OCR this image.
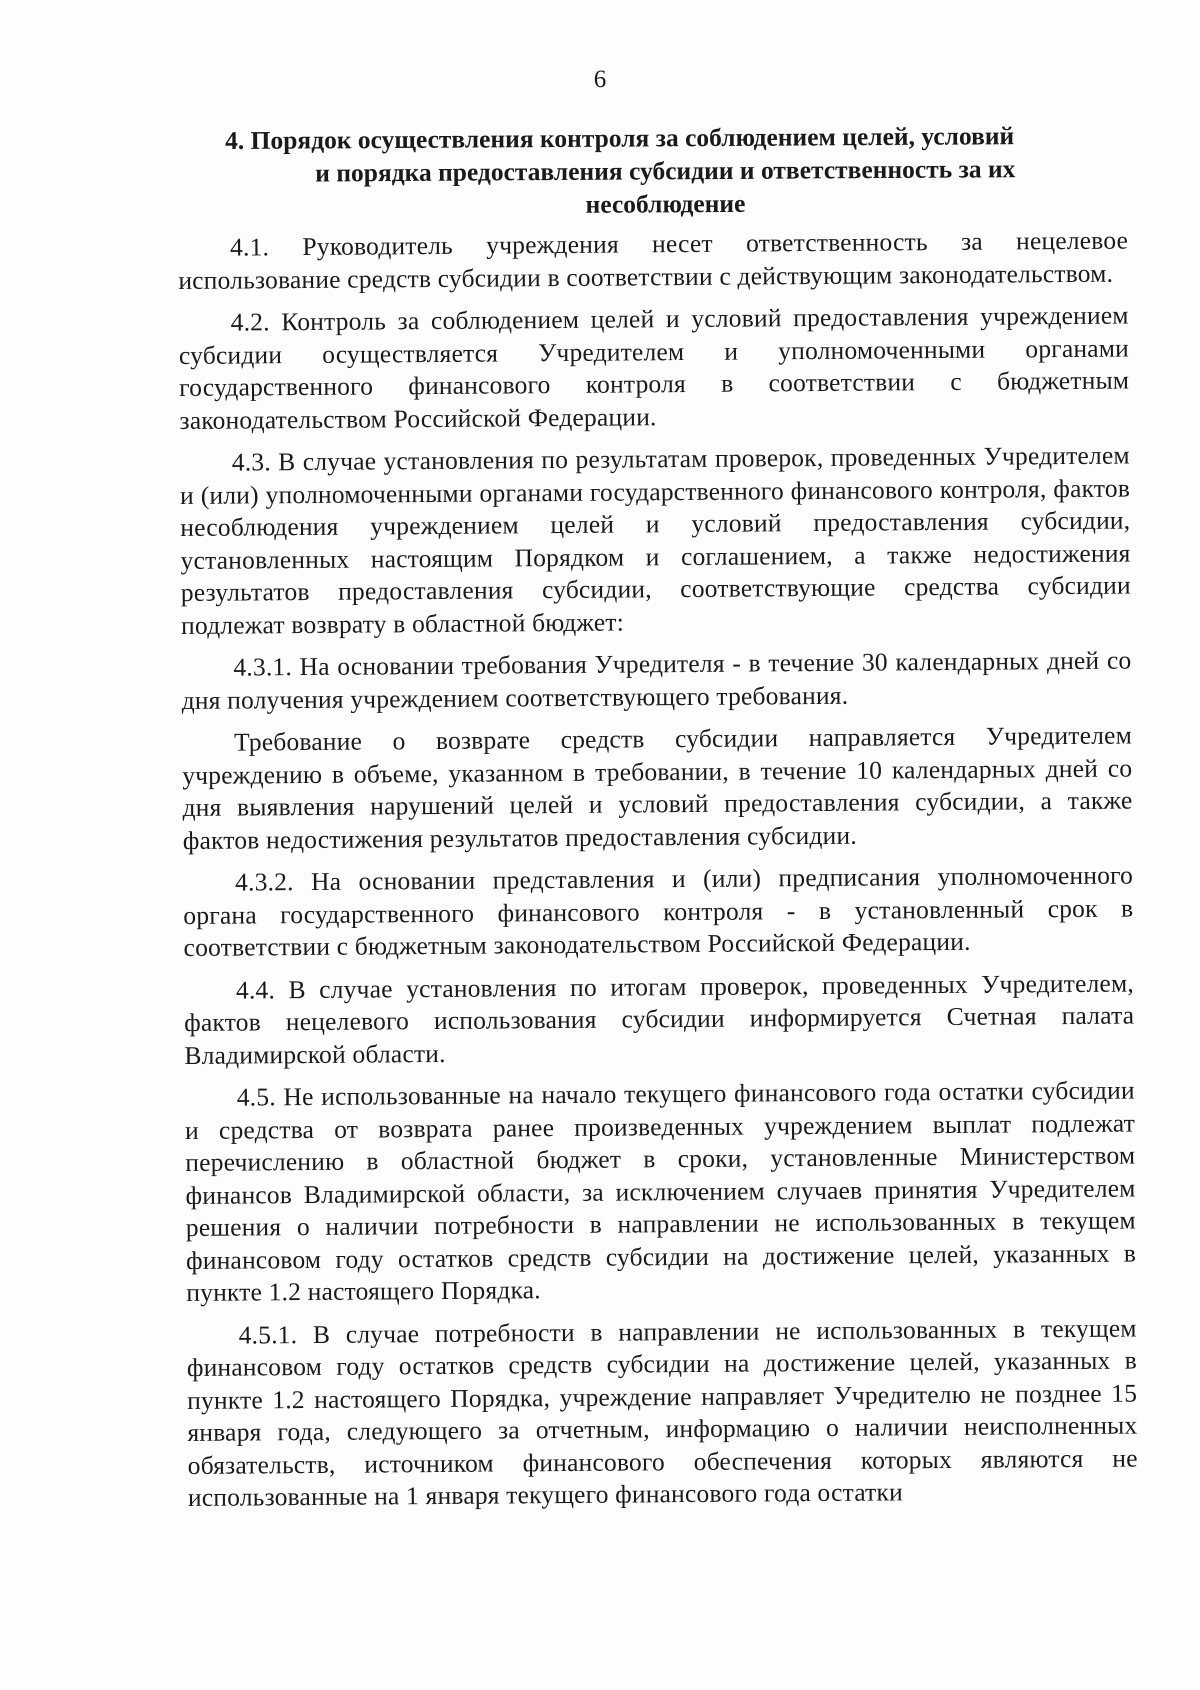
6
4. Порядок осуществления контроля за соблюдением целей, условий
и порядка предоставления субсидии и ответственность за их
несоблюдение

4.1. Руководитель учреждения несет ответственность за нецелевое использование средств субсидии в соответствии с действующим законодательством.

4.2. Контроль за соблюдением целей и условий предоставления учреждением субсидии осуществляется Учредителем и уполномоченными органами государственного финансового контроля в соответствии с бюджетным законодательством Российской Федерации.

4.3. В случае установления по результатам проверок, проведенных Учредителем и (или) уполномоченными органами государственного финансового контроля, фактов несоблюдения учреждением целей и условий предоставления субсидии, установленных настоящим Порядком и соглашением, а также недостижения результатов предоставления субсидии, соответствующие средства субсидии подлежат возврату в областной бюджет:

4.3.1. На основании требования Учредителя - в течение 30 календарных дней со дня получения учреждением соответствующего требования.

Требование о возврате средств субсидии направляется Учредителем учреждению в объеме, указанном в требовании, в течение 10 календарных дней со дня выявления нарушений целей и условий предоставления субсидии, а также фактов недостижения результатов предоставления субсидии.

4.3.2. На основании представления и (или) предписания уполномоченного органа государственного финансового контроля - в установленный срок в соответствии с бюджетным законодательством Российской Федерации.

4.4. В случае установления по итогам проверок, проведенных Учредителем, фактов нецелевого использования субсидии информируется Счетная палата Владимирской области.

4.5. Не использованные на начало текущего финансового года остатки субсидии и средства от возврата ранее произведенных учреждением выплат подлежат перечислению в областной бюджет в сроки, установленные Министерством финансов Владимирской области, за исключением случаев принятия Учредителем решения о наличии потребности в направлении не использованных в текущем финансовом году остатков средств субсидии на достижение целей, указанных в пункте 1.2 настоящего Порядка.

4.5.1. В случае потребности в направлении не использованных в текущем финансовом году остатков средств субсидии на достижение целей, указанных в пункте 1.2 настоящего Порядка, учреждение направляет Учредителю не позднее 15 января года, следующего за отчетным, информацию о наличии неисполненных обязательств, источником финансового обеспечения которых являются не использованные на 1 января текущего финансового года остатки
